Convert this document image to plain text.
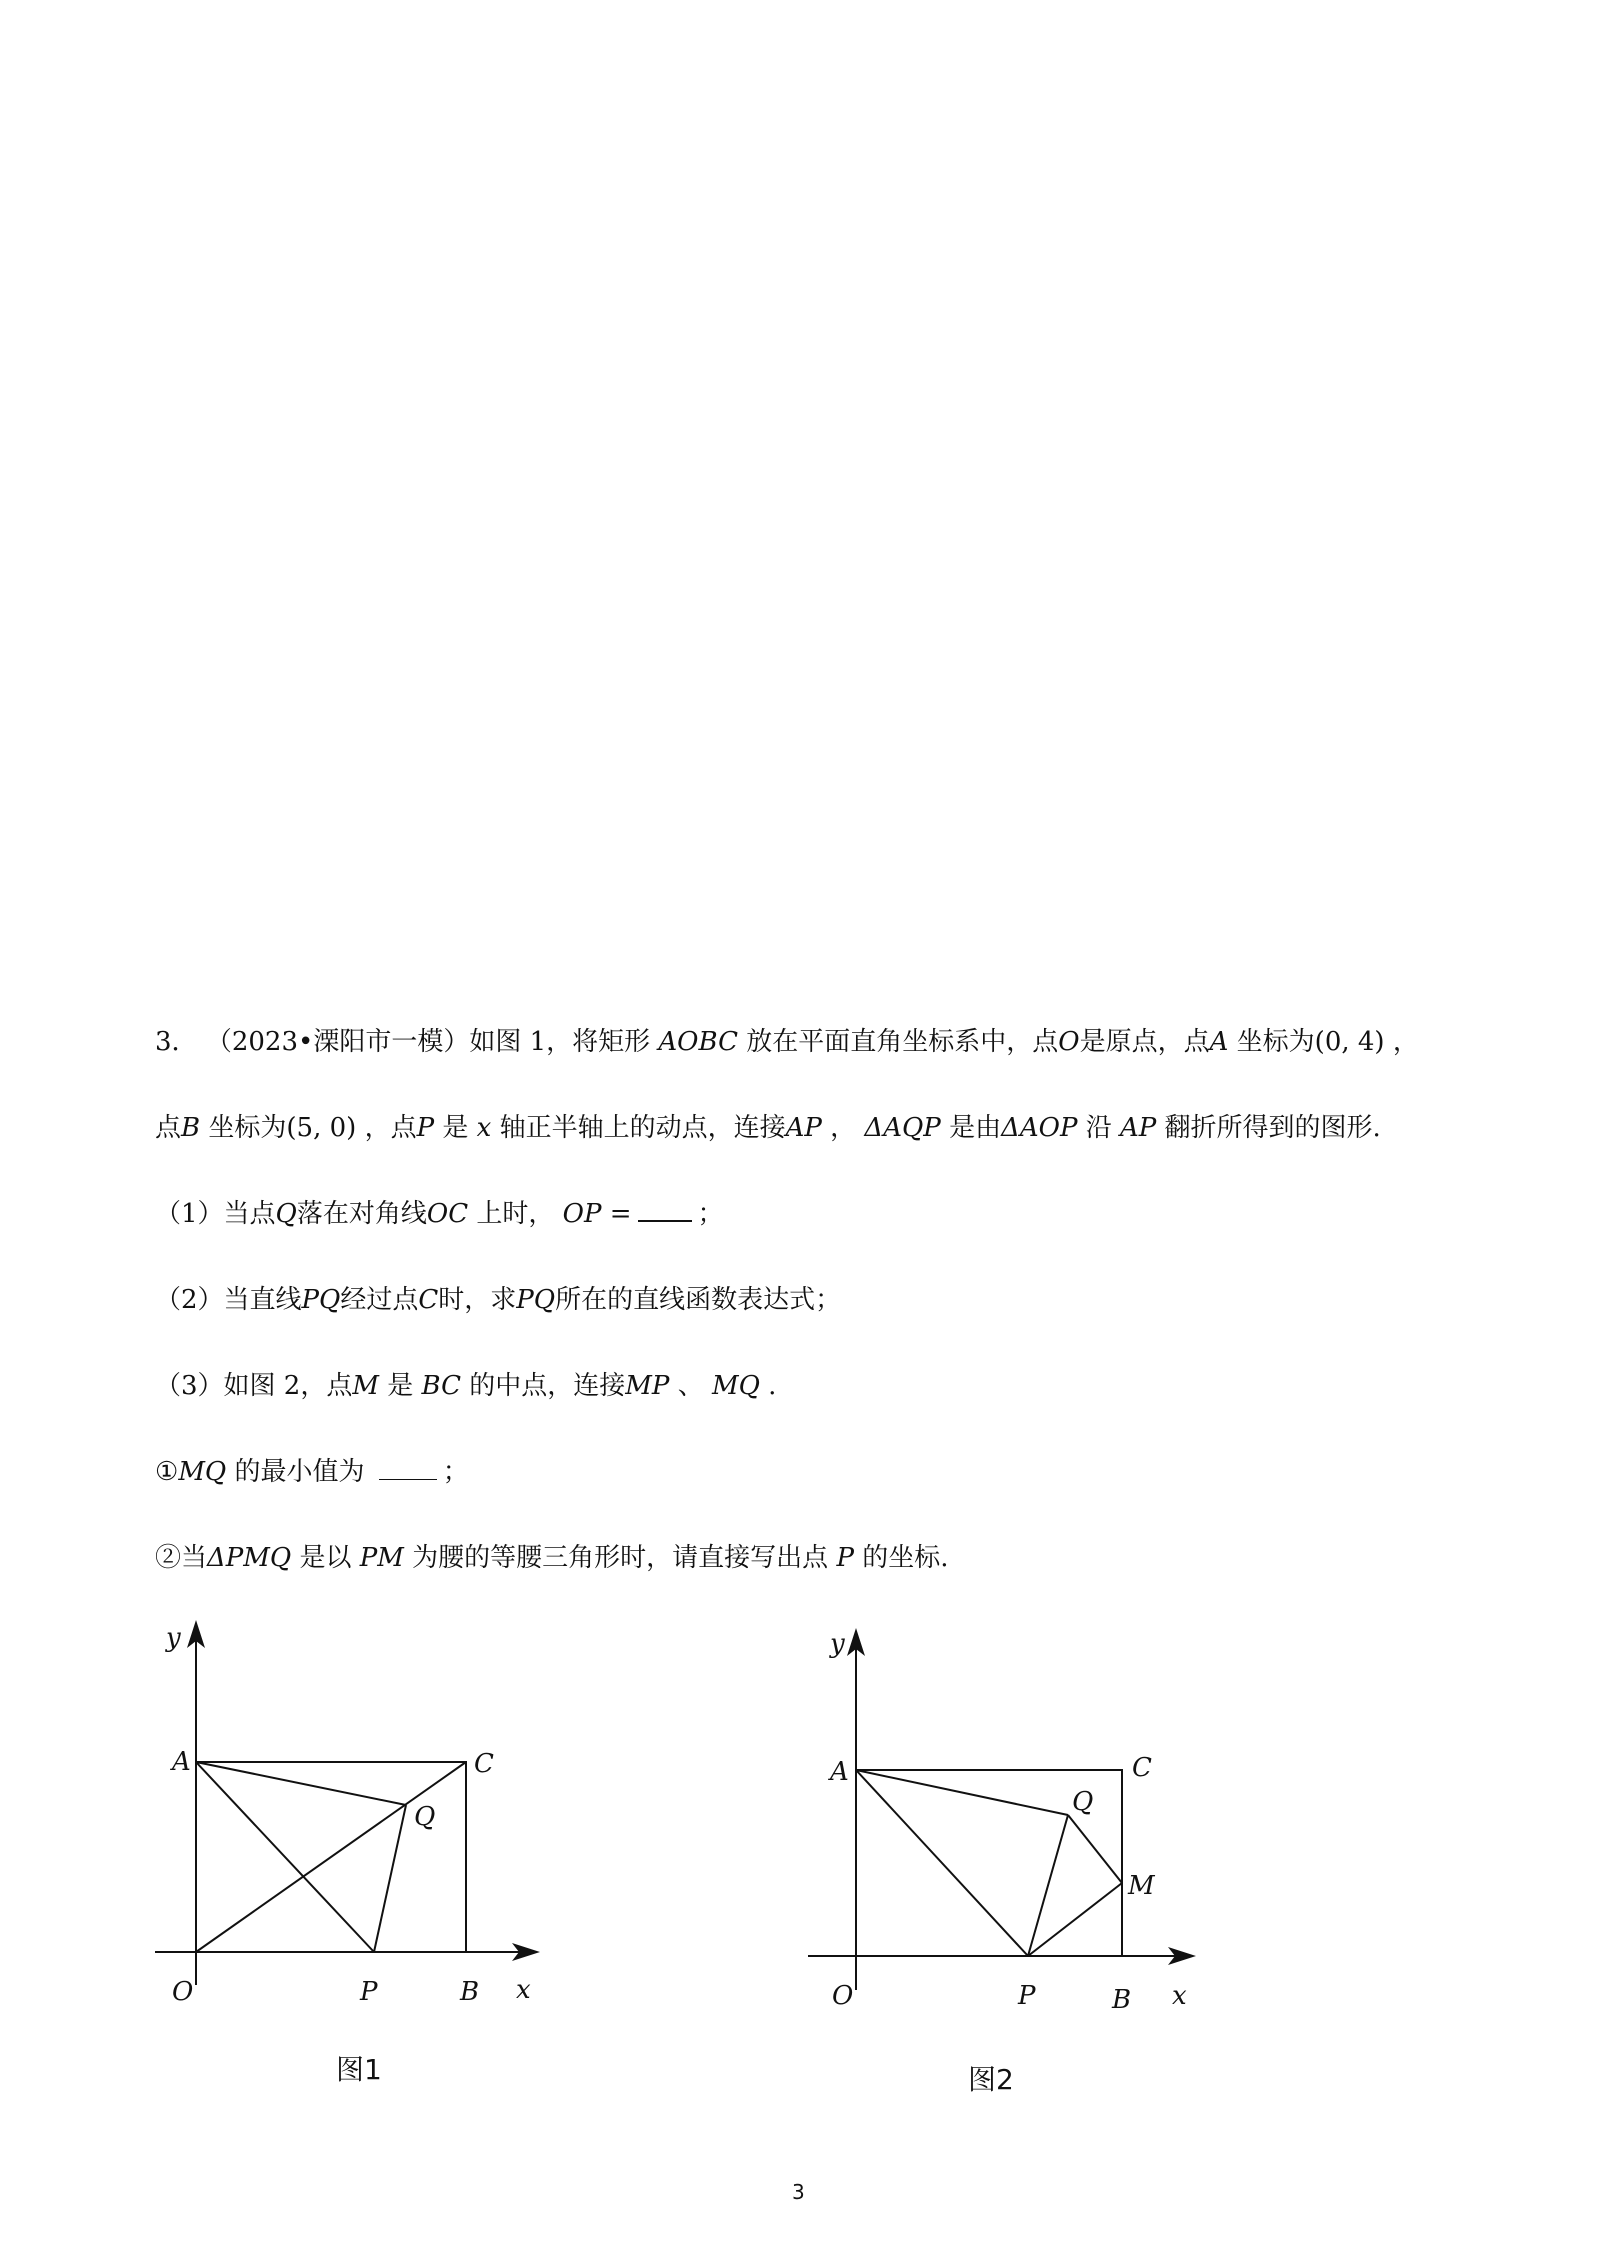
3． （2023•溧阳市一模）如图 1，将矩形 AOBC 放在平面直角坐标系中，点O是原点，点A 坐标为(0, 4) ，
点B 坐标为(5, 0) ，点P 是 x 轴正半轴上的动点，连接AP ， ΔAQP 是由ΔAOP 沿 AP 翻折所得到的图形.
（1）当点Q落在对角线OC 上时， OP =	；
（2）当直线PQ经过点C时，求PQ所在的直线函数表达式；
（3）如图 2，点M 是 BC 的中点，连接MP 、 MQ .
①MQ 的最小值为	；
②当ΔPMQ 是以 PM 为腰的等腰三角形时，请直接写出点 P 的坐标.
y
x
O
A	C
Q
P	B
y
x
O
A	C
Q
M
P	B
图1	图2
3
